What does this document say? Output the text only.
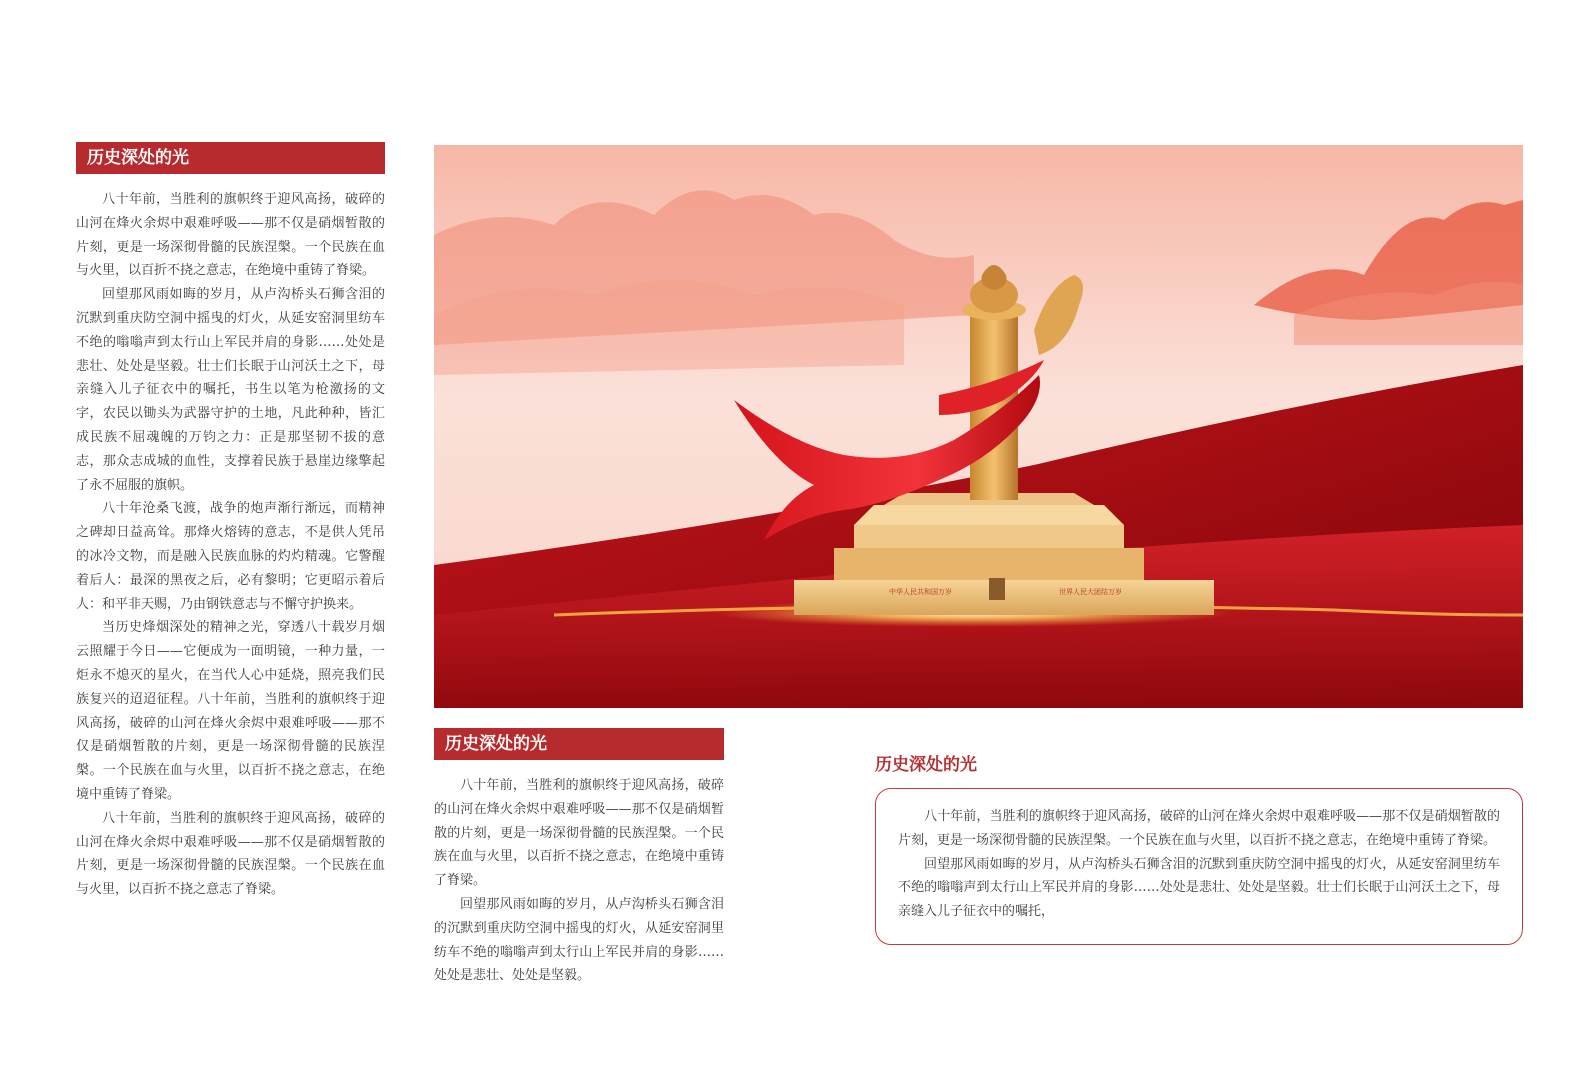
历史深处的光

八十年前，当胜利的旗帜终于迎风高扬，破碎的山河在烽火余烬中艰难呼吸——那不仅是硝烟暂散的片刻，更是一场深彻骨髓的民族涅槃。一个民族在血与火里，以百折不挠之意志，在绝境中重铸了脊梁。

回望那风雨如晦的岁月，从卢沟桥头石狮含泪的沉默到重庆防空洞中摇曳的灯火，从延安窑洞里纺车不绝的嗡嗡声到太行山上军民并肩的身影……处处是悲壮、处处是坚毅。壮士们长眠于山河沃土之下，母亲缝入儿子征衣中的嘱托，书生以笔为枪激扬的文字，农民以锄头为武器守护的土地，凡此种种，皆汇成民族不屈魂魄的万钧之力：正是那坚韧不拔的意志，那众志成城的血性，支撑着民族于悬崖边缘擎起了永不屈服的旗帜。

八十年沧桑飞渡，战争的炮声渐行渐远，而精神之碑却日益高耸。那烽火熔铸的意志，不是供人凭吊的冰冷文物，而是融入民族血脉的灼灼精魂。它警醒着后人：最深的黑夜之后，必有黎明；它更昭示着后人：和平非天赐，乃由钢铁意志与不懈守护换来。

当历史烽烟深处的精神之光，穿透八十载岁月烟云照耀于今日——它便成为一面明镜，一种力量，一炬永不熄灭的星火，在当代人心中延烧，照亮我们民族复兴的迢迢征程。八十年前，当胜利的旗帜终于迎风高扬，破碎的山河在烽火余烬中艰难呼吸——那不仅是硝烟暂散的片刻，更是一场深彻骨髓的民族涅槃。一个民族在血与火里，以百折不挠之意志，在绝境中重铸了脊梁。

八十年前，当胜利的旗帜终于迎风高扬，破碎的山河在烽火余烬中艰难呼吸——那不仅是硝烟暂散的片刻，更是一场深彻骨髓的民族涅槃。一个民族在血与火里，以百折不挠之意志了脊梁。

中华人民共和国万岁	世界人民大团结万岁
历史深处的光

八十年前，当胜利的旗帜终于迎风高扬，破碎的山河在烽火余烬中艰难呼吸——那不仅是硝烟暂散的片刻，更是一场深彻骨髓的民族涅槃。一个民族在血与火里，以百折不挠之意志，在绝境中重铸了脊梁。

回望那风雨如晦的岁月，从卢沟桥头石狮含泪的沉默到重庆防空洞中摇曳的灯火，从延安窑洞里纺车不绝的嗡嗡声到太行山上军民并肩的身影……处处是悲壮、处处是坚毅。

历史深处的光

八十年前，当胜利的旗帜终于迎风高扬，破碎的山河在烽火余烬中艰难呼吸——那不仅是硝烟暂散的片刻，更是一场深彻骨髓的民族涅槃。一个民族在血与火里，以百折不挠之意志，在绝境中重铸了脊梁。

回望那风雨如晦的岁月，从卢沟桥头石狮含泪的沉默到重庆防空洞中摇曳的灯火，从延安窑洞里纺车不绝的嗡嗡声到太行山上军民并肩的身影……处处是悲壮、处处是坚毅。壮士们长眠于山河沃土之下，母亲缝入儿子征衣中的嘱托，
